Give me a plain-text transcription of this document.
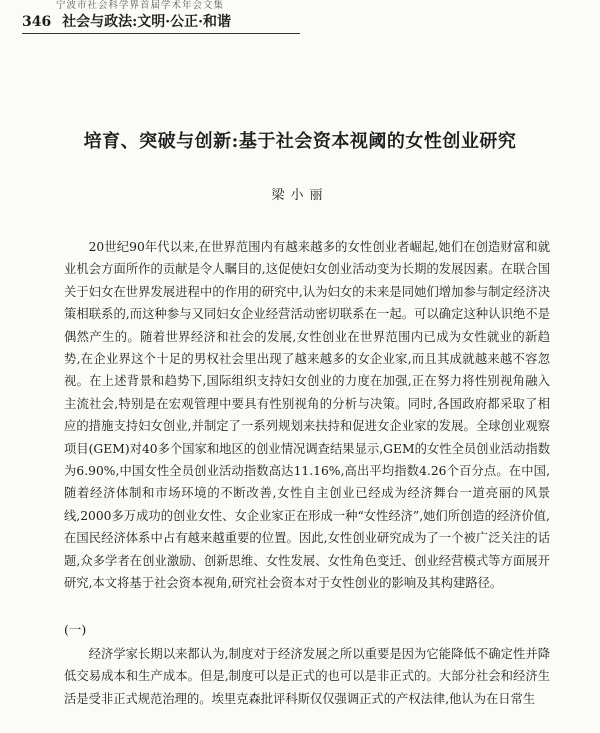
宁波市社会科学界首届学术年会文集
346 社会与政法:文明·公正·和谐
培育、突破与创新:基于社会资本视阈的女性创业研究
梁小丽

20世纪90年代以来,在世界范围内有越来越多的女性创业者崛起,她们在创造财富和就业机会方面所作的贡献是令人瞩目的,这促使妇女创业活动变为长期的发展因素。在联合国关于妇女在世界发展进程中的作用的研究中,认为妇女的未来是同她们增加参与制定经济决策相联系的,而这种参与又同妇女企业经营活动密切联系在一起。可以确定这种认识绝不是偶然产生的。随着世界经济和社会的发展,女性创业在世界范围内已成为女性就业的新趋势,在企业界这个十足的男权社会里出现了越来越多的女企业家,而且其成就越来越不容忽视。在上述背景和趋势下,国际组织支持妇女创业的力度在加强,正在努力将性别视角融入主流社会,特别是在宏观管理中要具有性别视角的分析与决策。同时,各国政府都采取了相应的措施支持妇女创业,并制定了一系列规划来扶持和促进女企业家的发展。全球创业观察项目(GEM)对40多个国家和地区的创业情况调查结果显示,GEM的女性全员创业活动指数为6.90%,中国女性全员创业活动指数高达11.16%,高出平均指数4.26个百分点。在中国,随着经济体制和市场环境的不断改善,女性自主创业已经成为经济舞台一道亮丽的风景线,2000多万成功的创业女性、女企业家正在形成一种“女性经济”,她们所创造的经济价值,在国民经济体系中占有越来越重要的位置。因此,女性创业研究成为了一个被广泛关注的话题,众多学者在创业激励、创新思维、女性发展、女性角色变迁、创业经营模式等方面展开研究,本文将基于社会资本视角,研究社会资本对于女性创业的影响及其构建路径。

(一)

经济学家长期以来都认为,制度对于经济发展之所以重要是因为它能降低不确定性并降低交易成本和生产成本。但是,制度可以是正式的也可以是非正式的。大部分社会和经济生活是受非正式规范治理的。埃里克森批评科斯仅仅强调正式的产权法律,他认为在日常生
